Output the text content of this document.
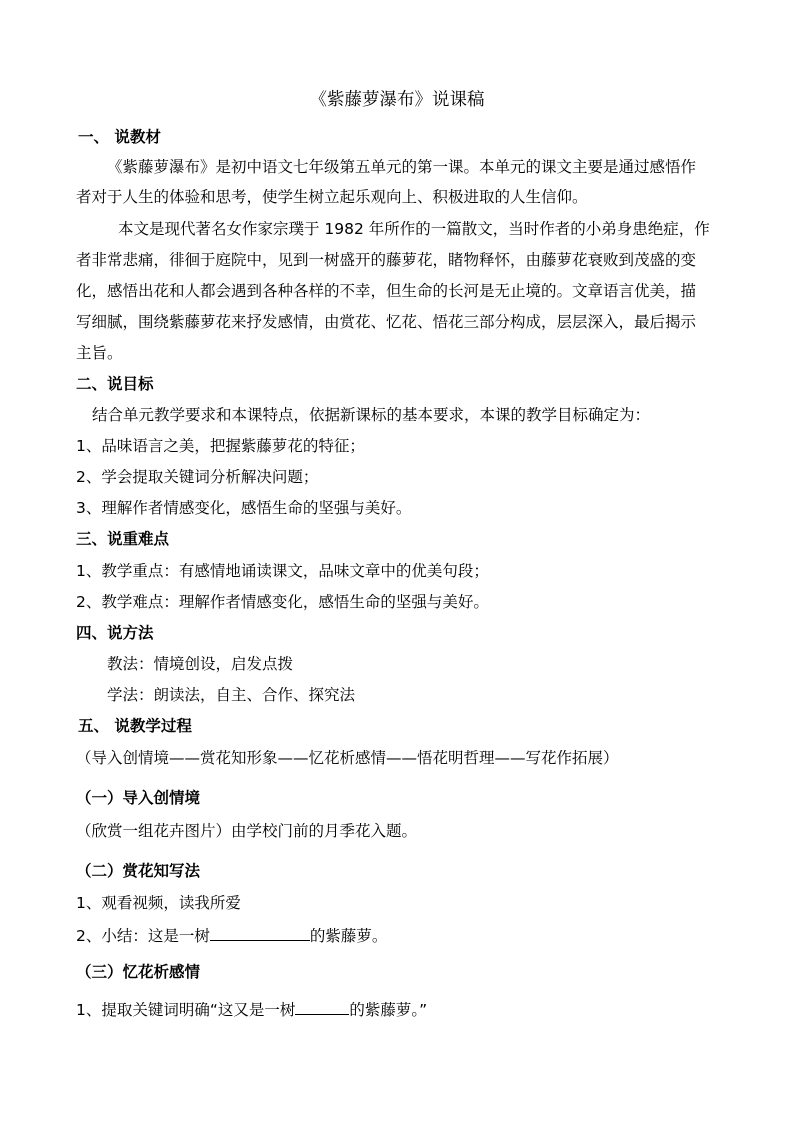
《紫藤萝瀑布》说课稿
一、 说教材
《紫藤萝瀑布》是初中语文七年级第五单元的第一课。本单元的课文主要是通过感悟作
者对于人生的体验和思考，使学生树立起乐观向上、积极进取的人生信仰。
本文是现代著名女作家宗璞于 1982 年所作的一篇散文，当时作者的小弟身患绝症，作
者非常悲痛，徘徊于庭院中，见到一树盛开的藤萝花，睹物释怀，由藤萝花衰败到茂盛的变
化，感悟出花和人都会遇到各种各样的不幸，但生命的长河是无止境的。文章语言优美，描
写细腻，围绕紫藤萝花来抒发感情，由赏花、忆花、悟花三部分构成，层层深入，最后揭示
主旨。
二、说目标
结合单元教学要求和本课特点，依据新课标的基本要求，本课的教学目标确定为：
1、品味语言之美，把握紫藤萝花的特征；
2、学会提取关键词分析解决问题；
3、理解作者情感变化，感悟生命的坚强与美好。
三、说重难点
1、教学重点：有感情地诵读课文，品味文章中的优美句段；
2、教学难点：理解作者情感变化，感悟生命的坚强与美好。
四、说方法
教法：情境创设，启发点拨
学法：朗读法，自主、合作、探究法
五、 说教学过程
（导入创情境——赏花知形象——忆花析感情——悟花明哲理——写花作拓展）
（一）导入创情境
（欣赏一组花卉图片）由学校门前的月季花入题。
（二）赏花知写法
1、观看视频，读我所爱
2、小结：这是一树	的紫藤萝。
（三）忆花析感情
1、提取关键词明确“这又是一树	的紫藤萝。”
